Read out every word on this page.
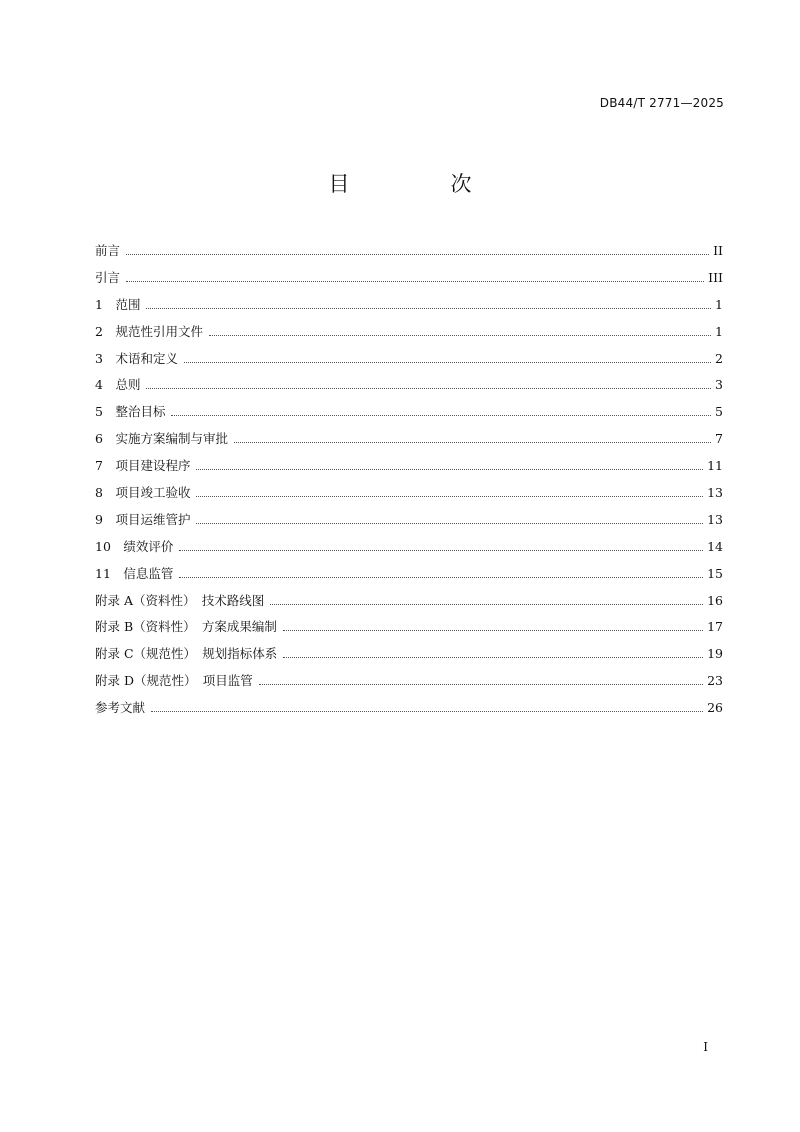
DB44/T 2771—2025
目　次
前言	II
引言	III
1　范围	1
2　规范性引用文件	1
3　术语和定义	2
4　总则	3
5　整治目标	5
6　实施方案编制与审批	7
7　项目建设程序	11
8　项目竣工验收	13
9　项目运维管护	13
10　绩效评价	14
11　信息监管	15
附录 A（资料性）　技术路线图	16
附录 B（资料性）　方案成果编制	17
附录 C（规范性）　规划指标体系	19
附录 D（规范性）　项目监管	23
参考文献	26
I
